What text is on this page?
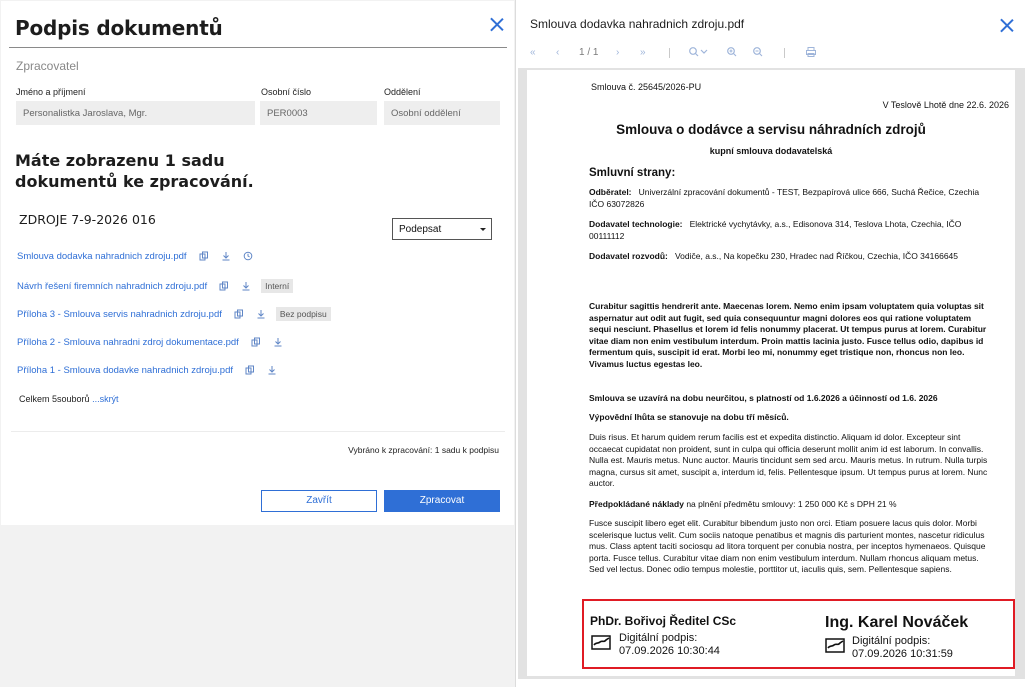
Podpis dokumentů
Zpracovatel
Jméno a příjmení
Personalistka Jaroslava, Mgr.
Osobní číslo
PER0003
Oddělení
Osobní oddělení
Máte zobrazenu 1 sadu
dokumentů ke zpracování.
ZDROJE 7-9-2026 016
Podepsat
Smlouva dodavka nahradnich zdroju.pdf
Návrh řešení firemních nahradnich zdroju.pdf	Interní
Příloha 3 - Smlouva servis nahradnich zdroju.pdf	Bez podpisu
Příloha 2 - Smlouva nahradni zdroj dokumentace.pdf
Příloha 1 - Smlouva dodavke nahradnich zdroju.pdf
Celkem 5souborů ...skrýt
Vybráno k zpracování: 1 sadu k podpisu
Zavřít	Zpracovat
Smlouva dodavka nahradnich zdroju.pdf
« ‹ 1 / 1 › »
Smlouva č. 25645/2026-PU
V Teslově Lhotě dne 22.6. 2026
Smlouva o dodávce a servisu náhradních zdrojů
kupní smlouva dodavatelská
Smluvní strany:
Odběratel: Univerzální zpracování dokumentů - TEST, Bezpapírová ulice 666, Suchá Řečice, Czechia IČO 63072826
Dodavatel technologie: Elektrické vychytávky, a.s., Edisonova 314, Teslova Lhota, Czechia, IČO 00111112
Dodavatel rozvodů: Vodiče, a.s., Na kopečku 230, Hradec nad Říčkou, Czechia, IČO 34166645
Curabitur sagittis hendrerit ante. Maecenas lorem. Nemo enim ipsam voluptatem quia voluptas sit aspernatur aut odit aut fugit, sed quia consequuntur magni dolores eos qui ratione voluptatem sequi nesciunt. Phasellus et lorem id felis nonummy placerat. Ut tempus purus at lorem. Curabitur vitae diam non enim vestibulum interdum. Proin mattis lacinia justo. Fusce tellus odio, dapibus id fermentum quis, suscipit id erat. Morbi leo mi, nonummy eget tristique non, rhoncus non leo. Vivamus luctus egestas leo.
Smlouva se uzavírá na dobu neurčitou, s platností od 1.6.2026 a účinností od 1.6. 2026
Výpovědní lhůta se stanovuje na dobu tří měsíců.
Duis risus. Et harum quidem rerum facilis est et expedita distinctio. Aliquam id dolor. Excepteur sint occaecat cupidatat non proident, sunt in culpa qui officia deserunt mollit anim id est laborum. In convallis. Nulla est. Mauris metus. Nunc auctor. Mauris tincidunt sem sed arcu. Mauris metus. In rutrum. Nulla turpis magna, cursus sit amet, suscipit a, interdum id, felis. Pellentesque ipsum. Ut tempus purus at lorem. Nunc auctor.
Předpokládané náklady na plnění předmětu smlouvy: 1 250 000 Kč s DPH 21 %
Fusce suscipit libero eget elit. Curabitur bibendum justo non orci. Etiam posuere lacus quis dolor. Morbi scelerisque luctus velit. Cum sociis natoque penatibus et magnis dis parturient montes, nascetur ridiculus mus. Class aptent taciti sociosqu ad litora torquent per conubia nostra, per inceptos hymenaeos. Quisque porta. Fusce tellus. Curabitur vitae diam non enim vestibulum interdum. Nullam rhoncus aliquam metus. Sed vel lectus. Donec odio tempus molestie, porttitor ut, iaculis quis, sem. Pellentesque sapiens.
PhDr. Bořivoj Ředitel CSc
Digitální podpis:
07.09.2026 10:30:44
Ing. Karel Nováček
Digitální podpis:
07.09.2026 10:31:59
